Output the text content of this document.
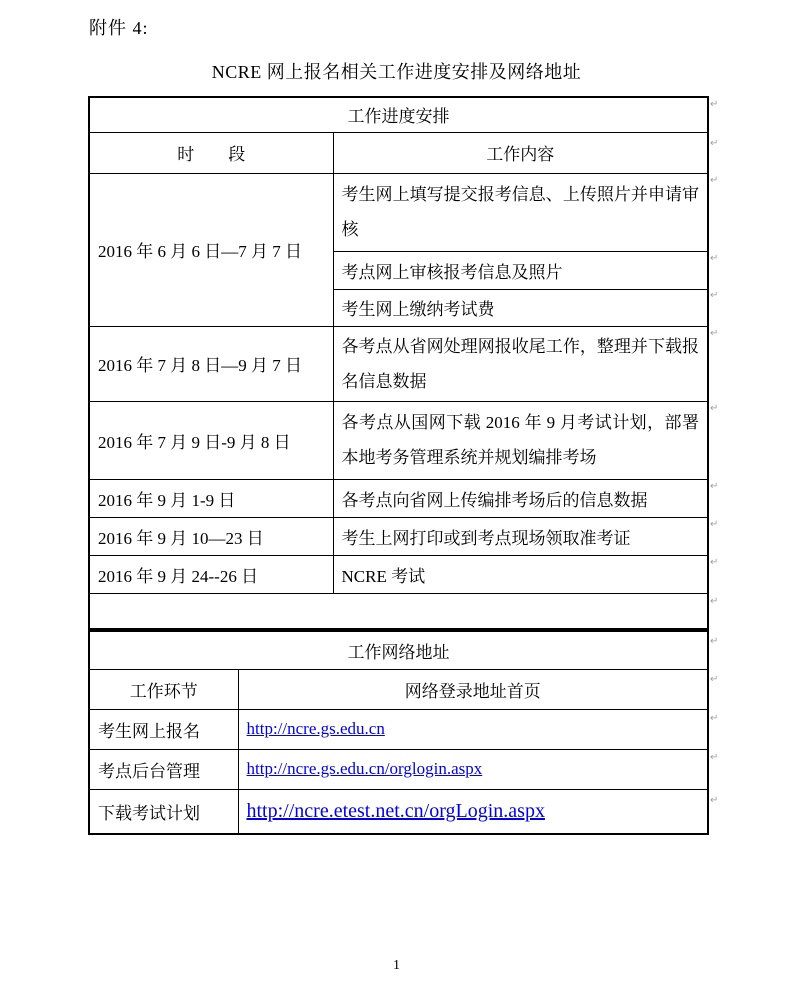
附件 4:
NCRE 网上报名相关工作进度安排及网络地址
工作进度安排	
时　　段	工作内容
2016 年 6 月 6 日—7 月 7 日	考生网上填写提交报考信息、上传照片并申请审核
	考点网上审核报考信息及照片
	考生网上缴纳考试费
2016 年 7 月 8 日—9 月 7 日	各考点从省网处理网报收尾工作，整理并下载报名信息数据
2016 年 7 月 9 日-9 月 8 日	各考点从国网下载 2016 年 9 月考试计划，部署本地考务管理系统并规划编排考场
2016 年 9 月 1-9 日	各考点向省网上传编排考场后的信息数据
2016 年 9 月 10—23 日	考生上网打印或到考点现场领取准考证
2016 年 9 月 24--26 日	NCRE 考试

工作网络地址	
工作环节	网络登录地址首页
考生网上报名	http://ncre.gs.edu.cn
考点后台管理	http://ncre.gs.edu.cn/orglogin.aspx
下载考试计划	http://ncre.etest.net.cn/orgLogin.aspx
↵
↵
↵
↵
↵
↵
↵
↵
↵
↵
↵
↵
↵
↵
↵
↵
1
